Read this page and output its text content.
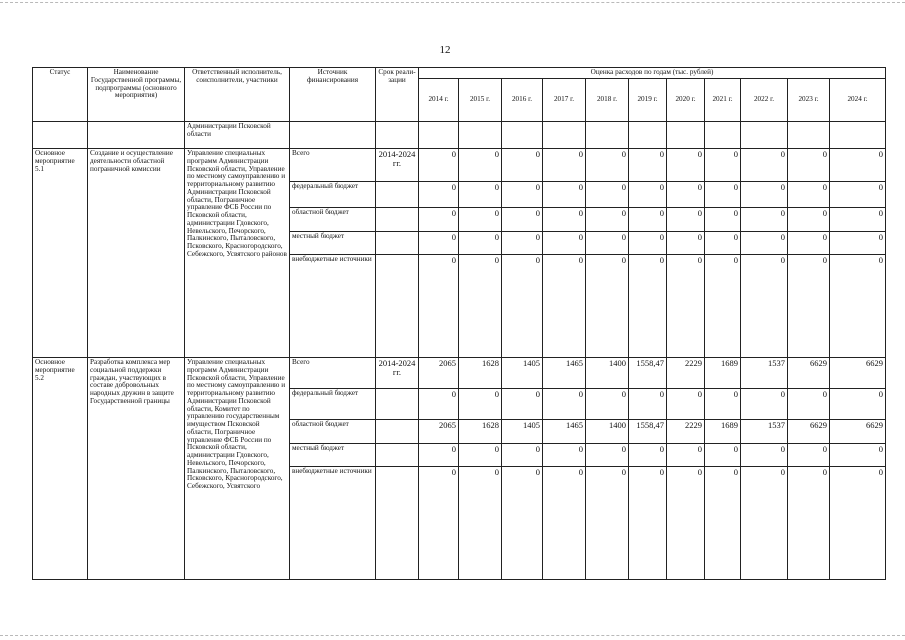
12
Статус	Наименование Государственной программы, подпрограммы (основного мероприятия)	Ответственный исполнитель, соисполнители, участники	Источник финансирования	Срок реали-зации	Оценка расходов по годам (тыс. рублей)										
					2014 г.	2015 г.	2016 г.	2017 г.	2018 г.	2019 г.	2020 г.	2021 г.	2022 г.	2023 г.	2024 г.
		Администрации Псковской области													
Основное мероприятие 5.1	Создание и осуществление деятельности областной пограничной комиссии	Управление специальных программ Администрации Псковской области, Управление по местному самоуправлению и территориальному развитию Администрации Псковской области, Пограничное управление ФСБ России по Псковской области, администрации Гдовского, Невельского, Печорского, Палкинского, Пыталовского, Псковского, Красногородского, Себежского, Усвятского районов	Всего	2014-2024 гг.	0	0	0	0	0	0	0	0	0	0	0
			федеральный бюджет		0	0	0	0	0	0	0	0	0	0	0
			областной бюджет		0	0	0	0	0	0	0	0	0	0	0
			местный бюджет		0	0	0	0	0	0	0	0	0	0	0
			внебюджетные источники		0	0	0	0	0	0	0	0	0	0	0
Основное мероприятие 5.2	Разработка комплекса мер социальной поддержки граждан, участвующих в составе добровольных народных дружин в защите Государственной границы	Управление специальных программ Администрации Псковской области, Управление по местному самоуправлению и территориальному развитию Администрации Псковской области, Комитет по управлению государственным имуществом Псковской области, Пограничное управление ФСБ России по Псковской области, администрации Гдовского, Невельского, Печорского, Палкинского, Пыталовского, Псковского, Красногородского, Себежского, Усвятского	Всего	2014-2024 гг.	2065	1628	1405	1465	1400	1558,47	2229	1689	1537	6629	6629
			федеральный бюджет		0	0	0	0	0	0	0	0	0	0	0
			областной бюджет		2065	1628	1405	1465	1400	1558,47	2229	1689	1537	6629	6629
			местный бюджет		0	0	0	0	0	0	0	0	0	0	0
			внебюджетные источники		0	0	0	0	0	0	0	0	0	0	0
